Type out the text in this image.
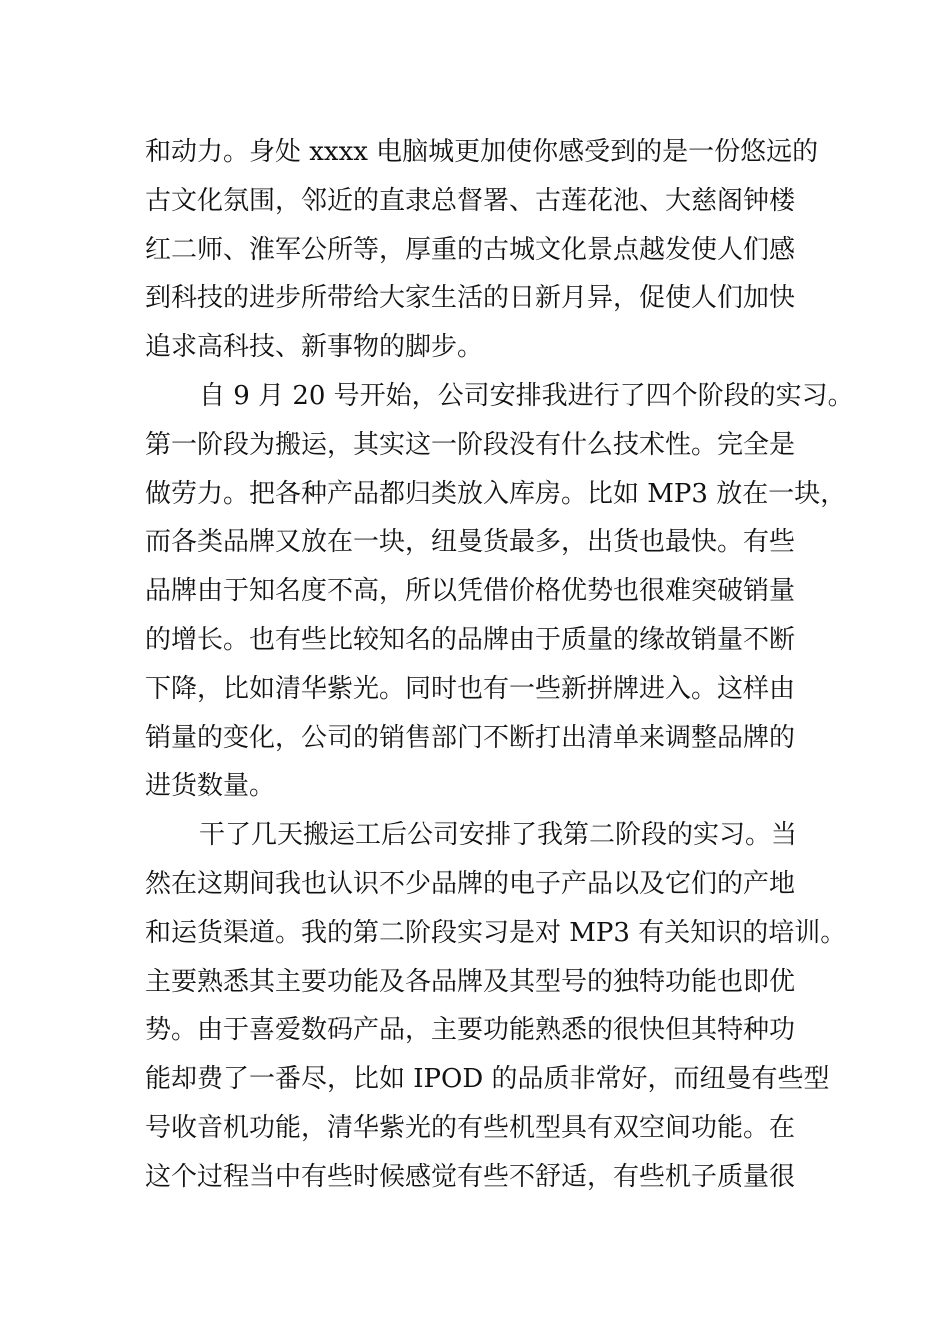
和动力。身处 xxxx 电脑城更加使你感受到的是一份悠远的
古文化氛围，邻近的直隶总督署、古莲花池、大慈阁钟楼
红二师、淮军公所等，厚重的古城文化景点越发使人们感
到科技的进步所带给大家生活的日新月异，促使人们加快
追求高科技、新事物的脚步。
自 9 月 20 号开始，公司安排我进行了四个阶段的实习。
第一阶段为搬运，其实这一阶段没有什么技术性。完全是
做劳力。把各种产品都归类放入库房。比如 MP3 放在一块，
而各类品牌又放在一块，纽曼货最多，出货也最快。有些
品牌由于知名度不高，所以凭借价格优势也很难突破销量
的增长。也有些比较知名的品牌由于质量的缘故销量不断
下降，比如清华紫光。同时也有一些新拼牌进入。这样由
销量的变化，公司的销售部门不断打出清单来调整品牌的
进货数量。
干了几天搬运工后公司安排了我第二阶段的实习。当
然在这期间我也认识不少品牌的电子产品以及它们的产地
和运货渠道。我的第二阶段实习是对 MP3 有关知识的培训。
主要熟悉其主要功能及各品牌及其型号的独特功能也即优
势。由于喜爱数码产品，主要功能熟悉的很快但其特种功
能却费了一番尽，比如 IPOD 的品质非常好，而纽曼有些型
号收音机功能，清华紫光的有些机型具有双空间功能。在
这个过程当中有些时候感觉有些不舒适，有些机子质量很
